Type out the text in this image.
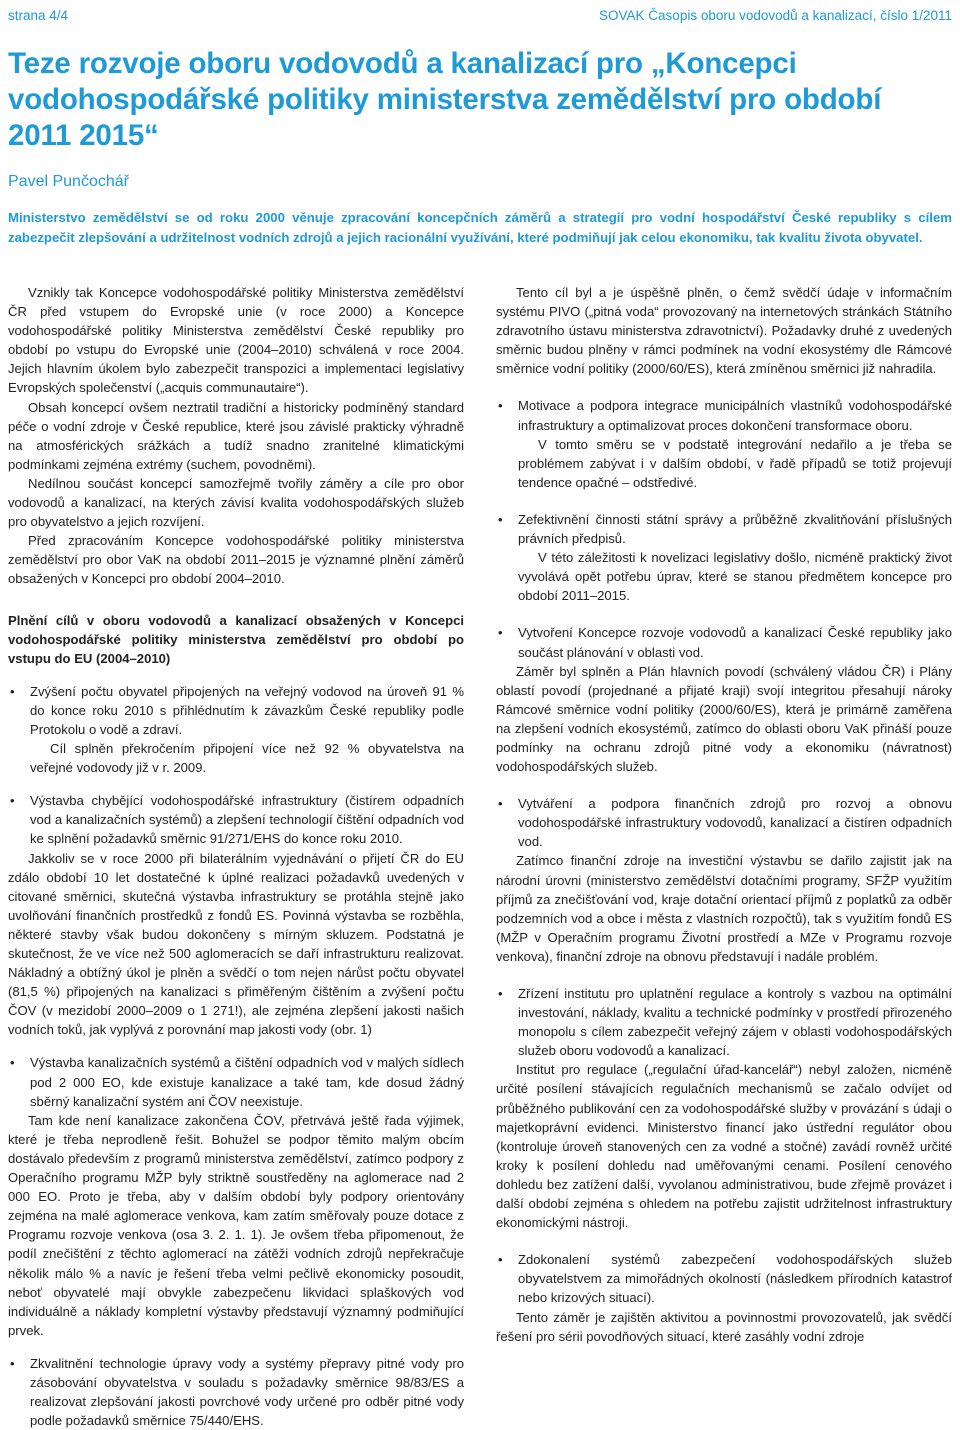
strana 4/4	SOVAK Časopis oboru vodovodů a kanalizací, číslo 1/2011
Teze rozvoje oboru vodovodů a kanalizací pro „Koncepci vodohospodářské politiky ministerstva zemědělství pro období 2011 2015“
Pavel Punčochář

Ministerstvo zemědělství se od roku 2000 věnuje zpracování koncepčních záměrů a strategií pro vodní hospodářství České republiky s cílem zabezpečit zlepšování a udržitelnost vodních zdrojů a jejich racionální využívání, které podmiňují jak celou ekonomiku, tak kvalitu života obyvatel.

Vznikly tak Koncepce vodohospodářské politiky Ministerstva zemědělství ČR před vstupem do Evropské unie (v roce 2000) a Koncepce vodohospodářské politiky Ministerstva zemědělství České republiky pro období po vstupu do Evropské unie (2004–2010) schválená v roce 2004. Jejich hlavním úkolem bylo zabezpečit transpozici a implementaci legislativy Evropských společenství („acquis communautaire“).

Obsah koncepcí ovšem neztratil tradiční a historicky podmíněný standard péče o vodní zdroje v České republice, které jsou závislé prakticky výhradně na atmosférických srážkách a tudíž snadno zranitelné klimatickými podmínkami zejména extrémy (suchem, povodněmi).

Nedílnou součást koncepcí samozřejmě tvořily záměry a cíle pro obor vodovodů a kanalizací, na kterých závisí kvalita vodohospodářských služeb pro obyvatelstvo a jejich rozvíjení.

Před zpracováním Koncepce vodohospodářské politiky ministerstva zemědělství pro obor VaK na období 2011–2015 je významné plnění záměrů obsažených v Koncepci pro období 2004–2010.

Plnění cílů v oboru vodovodů a kanalizací obsažených v Koncepci vodohospodářské politiky ministerstva zemědělství pro období po vstupu do EU (2004–2010)
• Zvýšení počtu obyvatel připojených na veřejný vodovod na úroveň 91 % do konce roku 2010 s přihlédnutím k závazkům České republiky podle Protokolu o vodě a zdraví.

Cíl splněn překročením připojení více než 92 % obyvatelstva na veřejné vodovody již v r. 2009.

• Výstavba chybějící vodohospodářské infrastruktury (čistírem odpadních vod a kanalizačních systémů) a zlepšení technologií čištění odpadních vod ke splnění požadavků směrnic 91/271/EHS do konce roku 2010.

Jakkoliv se v roce 2000 při bilaterálním vyjednávání o přijetí ČR do EU zdálo období 10 let dostatečné k úplné realizaci požadavků uvedených v citované směrnici, skutečná výstavba infrastruktury se protáhla stejně jako uvolňování finančních prostředků z fondů ES. Povinná výstavba se rozběhla, některé stavby však budou dokončeny s mírným skluzem. Podstatná je skutečnost, že ve více než 500 aglomeracích se daří infrastrukturu realizovat. Nákladný a obtížný úkol je plněn a svědčí o tom nejen nárůst počtu obyvatel (81,5 %) připojených na kanalizaci s přiměřeným čištěním a zvýšení počtu ČOV (v mezidobí 2000–2009 o 1 271!), ale zejména zlepšení jakosti našich vodních toků, jak vyplývá z porovnání map jakosti vody (obr. 1)

• Výstavba kanalizačních systémů a čištění odpadních vod v malých sídlech pod 2 000 EO, kde existuje kanalizace a také tam, kde dosud žádný sběrný kanalizační systém ani ČOV neexistuje.

Tam kde není kanalizace zakončena ČOV, přetrvává ještě řada výjimek, které je třeba neprodleně řešit. Bohužel se podpor těmito malým obcím dostávalo především z programů ministerstva zemědělství, zatímco podpory z Operačního programu MŽP byly striktně soustředěny na aglomerace nad 2 000 EO. Proto je třeba, aby v dalším období byly podpory orientovány zejména na malé aglomerace venkova, kam zatím směřovaly pouze dotace z Programu rozvoje venkova (osa 3. 2. 1. 1). Je ovšem třeba připomenout, že podíl znečištění z těchto aglomerací na zátěži vodních zdrojů nepřekračuje několik málo % a navíc je řešení třeba velmi pečlivě ekonomicky posoudit, neboť obyvatelé mají obvykle zabezpečenu likvidaci splaškových vod individuálně a náklady kompletní výstavby představují významný podmiňující prvek.

• Zkvalitnění technologie úpravy vody a systémy přepravy pitné vody pro zásobování obyvatelstva v souladu s požadavky směrnice 98/83/ES a realizovat zlepšování jakosti povrchové vody určené pro odběr pitné vody podle požadavků směrnice 75/440/EHS.

Tento cíl byl a je úspěšně plněn, o čemž svědčí údaje v informačním systému PIVO („pitná voda“ provozovaný na internetových stránkách Státního zdravotního ústavu ministerstva zdravotnictví). Požadavky druhé z uvedených směrnic budou plněny v rámci podmínek na vodní ekosystémy dle Rámcové směrnice vodní politiky (2000/60/ES), která zmíněnou směrnici již nahradila.

• Motivace a podpora integrace municipálních vlastníků vodohospodářské infrastruktury a optimalizovat proces dokončení transformace oboru.

V tomto směru se v podstatě integrování nedařilo a je třeba se problémem zabývat i v dalším období, v řadě případů se totiž projevují tendence opačné – odstředivé.

• Zefektivnění činnosti státní správy a průběžně zkvalitňování příslušných právních předpisů.

V této záležitosti k novelizaci legislativy došlo, nicméně praktický život vyvolává opět potřebu úprav, které se stanou předmětem koncepce pro období 2011–2015.

• Vytvoření Koncepce rozvoje vodovodů a kanalizací České republiky jako součást plánování v oblasti vod.

Záměr byl splněn a Plán hlavních povodí (schválený vládou ČR) i Plány oblastí povodí (projednané a přijaté kraji) svojí integritou přesahují nároky Rámcové směrnice vodní politiky (2000/60/ES), která je primárně zaměřena na zlepšení vodních ekosystémů, zatímco do oblasti oboru VaK přináší pouze podmínky na ochranu zdrojů pitné vody a ekonomiku (návratnost) vodohospodářských služeb.

• Vytváření a podpora finančních zdrojů pro rozvoj a obnovu vodohospodářské infrastruktury vodovodů, kanalizací a čistíren odpadních vod.

Zatímco finanční zdroje na investiční výstavbu se dařilo zajistit jak na národní úrovni (ministerstvo zemědělství dotačními programy, SFŽP využitím příjmů za znečišťování vod, kraje dotační orientací příjmů z poplatků za odběr podzemních vod a obce i města z vlastních rozpočtů), tak s využitím fondů ES (MŽP v Operačním programu Životní prostředí a MZe v Programu rozvoje venkova), finanční zdroje na obnovu představují i nadále problém.

• Zřízení institutu pro uplatnění regulace a kontroly s vazbou na optimální investování, náklady, kvalitu a technické podmínky v prostředí přirozeného monopolu s cílem zabezpečit veřejný zájem v oblasti vodohospodářských služeb oboru vodovodů a kanalizací.

Institut pro regulace („regulační úřad-kancelář“) nebyl založen, nicméně určité posílení stávajících regulačních mechanismů se začalo odvíjet od průběžného publikování cen za vodohospodářské služby v provázání s údaji o majetkoprávní evidenci. Ministerstvo financí jako ústřední regulátor obou (kontroluje úroveň stanovených cen za vodné a stočné) zavádí rovněž určité kroky k posílení dohledu nad uměřovanými cenami. Posílení cenového dohledu bez zatížení další, vyvolanou administrativou, bude zřejmě provázet i další období zejména s ohledem na potřebu zajistit udržitelnost infrastruktury ekonomickými nástroji.

• Zdokonalení systémů zabezpečení vodohospodářských služeb obyvatelstvem za mimořádných okolností (následkem přírodních katastrof nebo krizových situací).

Tento záměr je zajištěn aktivitou a povinnostmi provozovatelů, jak svědčí řešení pro sérii povodňových situací, které zasáhly vodní zdroje
